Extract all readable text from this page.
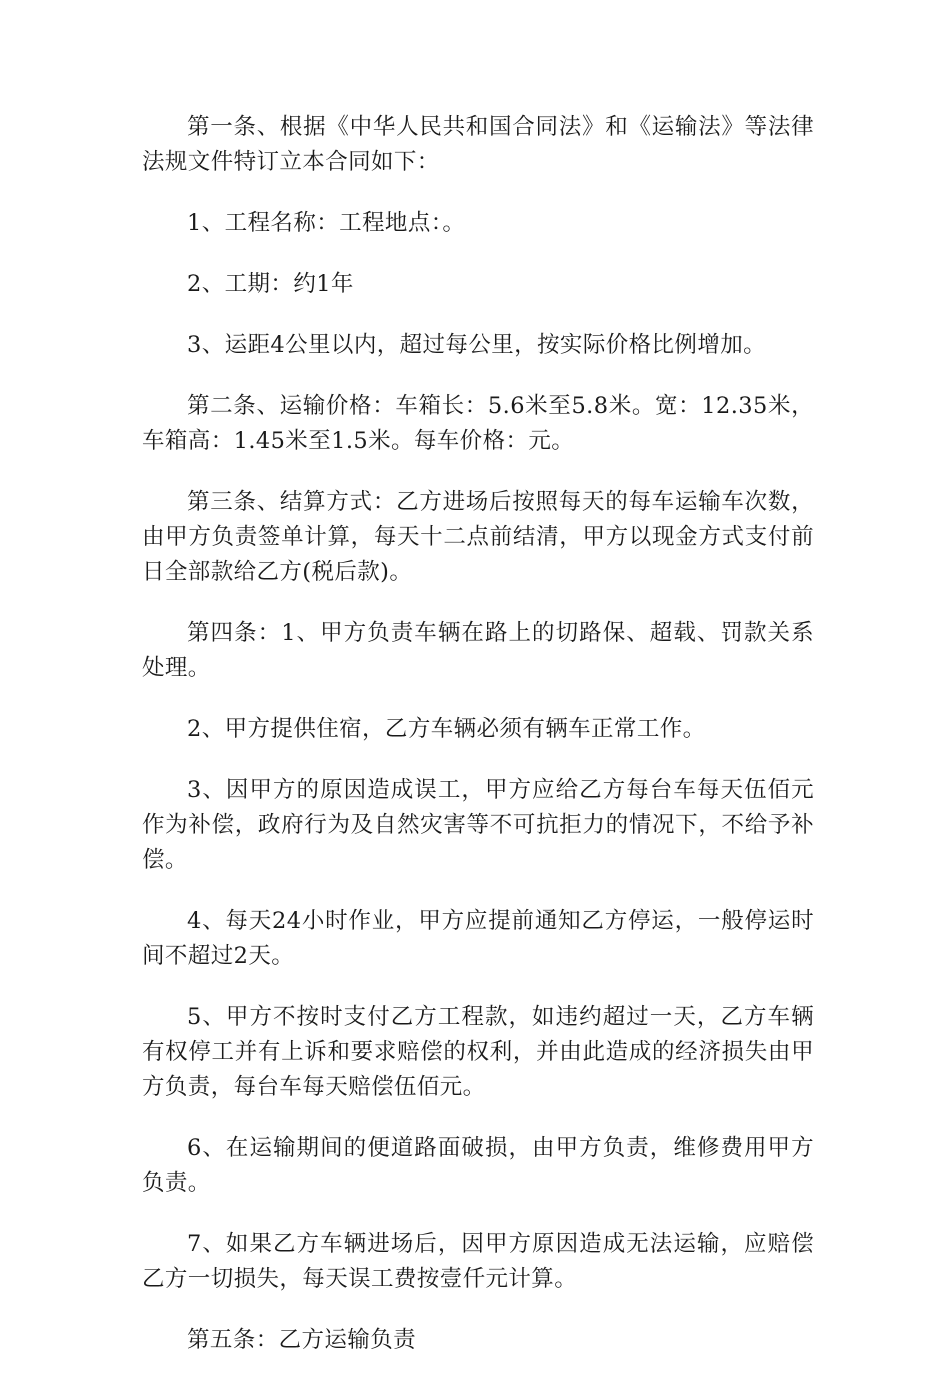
第一条、根据《中华人民共和国合同法》和《运输法》等法律法规文件特订立本合同如下：

1、工程名称：工程地点：。

2、工期：约1年

3、运距4公里以内，超过每公里，按实际价格比例增加。

第二条、运输价格：车箱长：5.6米至5.8米。宽：12.35米，车箱高：1.45米至1.5米。每车价格：元。

第三条、结算方式：乙方进场后按照每天的每车运输车次数，由甲方负责签单计算，每天十二点前结清，甲方以现金方式支付前日全部款给乙方(税后款)。

第四条：1、甲方负责车辆在路上的切路保、超载、罚款关系处理。

2、甲方提供住宿，乙方车辆必须有辆车正常工作。

3、因甲方的原因造成误工，甲方应给乙方每台车每天伍佰元作为补偿，政府行为及自然灾害等不可抗拒力的情况下，不给予补偿。

4、每天24小时作业，甲方应提前通知乙方停运，一般停运时间不超过2天。

5、甲方不按时支付乙方工程款，如违约超过一天，乙方车辆有权停工并有上诉和要求赔偿的权利，并由此造成的经济损失由甲方负责，每台车每天赔偿伍佰元。

6、在运输期间的便道路面破损，由甲方负责，维修费用甲方负责。

7、如果乙方车辆进场后，因甲方原因造成无法运输，应赔偿乙方一切损失，每天误工费按壹仟元计算。

第五条：乙方运输负责
